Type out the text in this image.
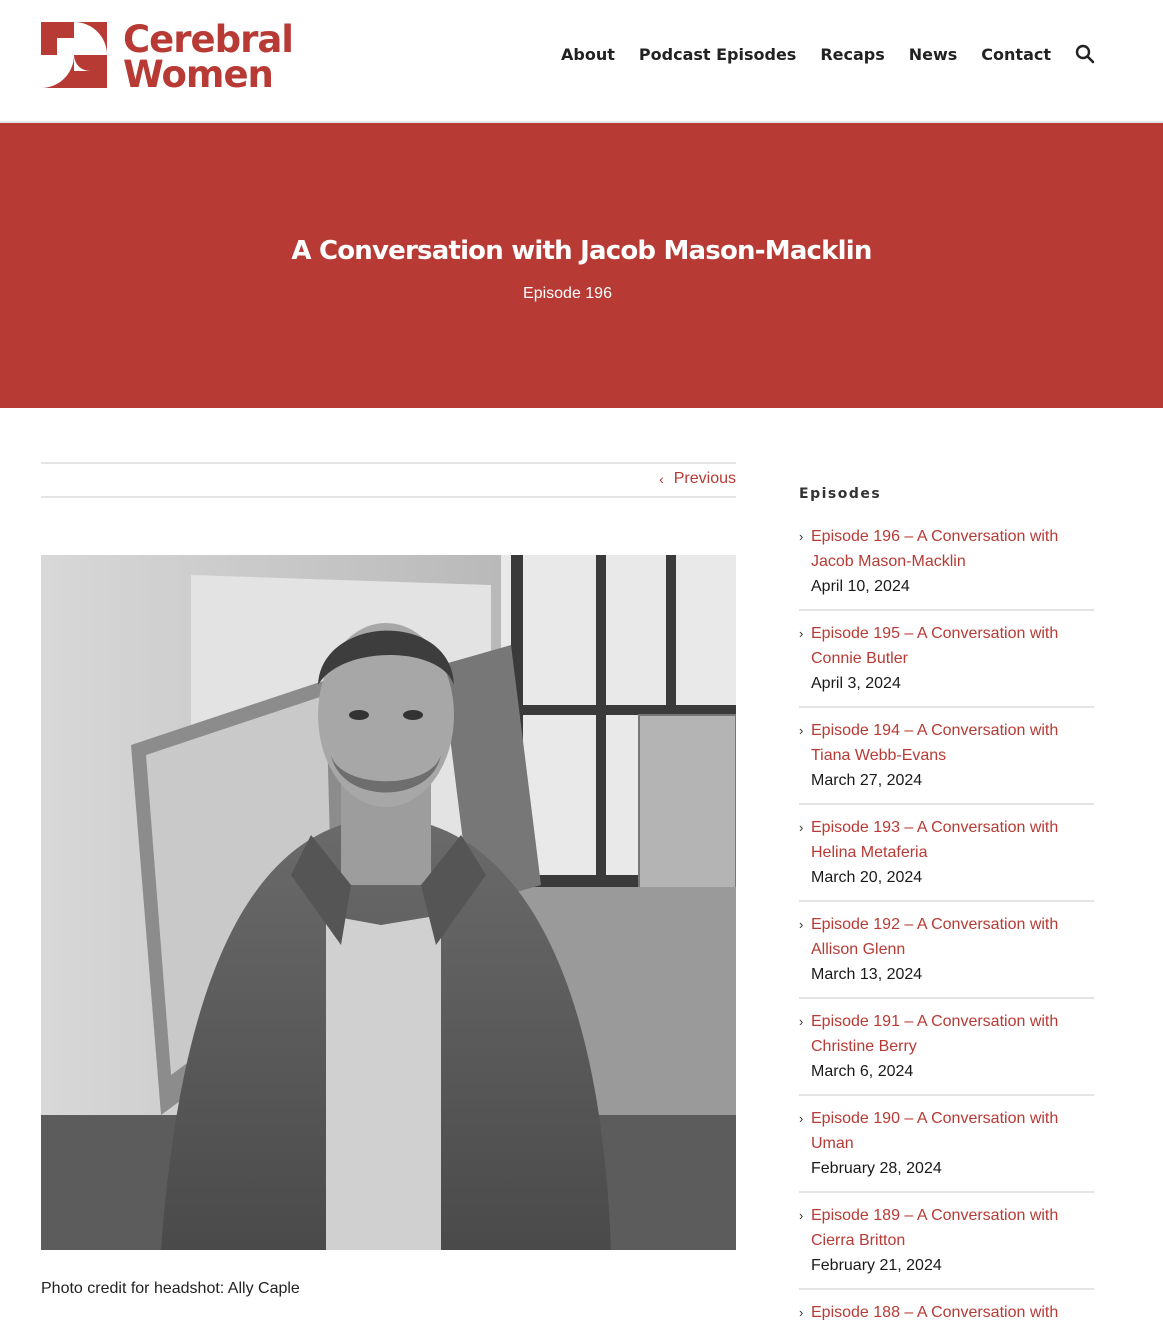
Cerebral
Women	About Podcast Episodes Recaps News Contact
A Conversation with Jacob Mason-Macklin
Episode 196
‹ Previous
Photo credit for headshot: Ally Caple
Episodes
› Episode 196 – A Conversation with
Jacob Mason-Macklin
April 10, 2024
› Episode 195 – A Conversation with
Connie Butler
April 3, 2024
› Episode 194 – A Conversation with
Tiana Webb-Evans
March 27, 2024
› Episode 193 – A Conversation with
Helina Metaferia
March 20, 2024
› Episode 192 – A Conversation with
Allison Glenn
March 13, 2024
› Episode 191 – A Conversation with
Christine Berry
March 6, 2024
› Episode 190 – A Conversation with
Uman
February 28, 2024
› Episode 189 – A Conversation with
Cierra Britton
February 21, 2024
› Episode 188 – A Conversation with
